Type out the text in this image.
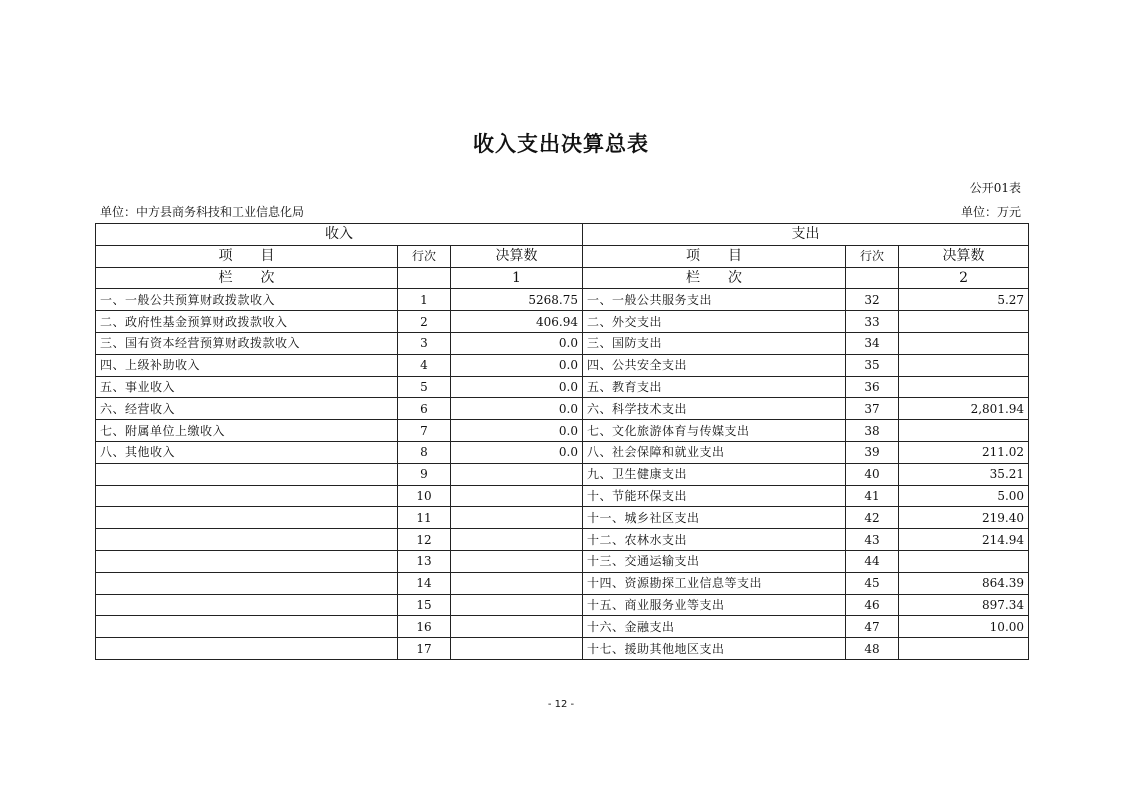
收入支出决算总表
公开01表
单位：中方县商务科技和工业信息化局	单位：万元
收入			支出		
项　　目	行次	决算数	项　　目	行次	决算数
栏　　次		1	栏　　次		2
一、一般公共预算财政拨款收入	1	5268.75	一、一般公共服务支出	32	5.27
二、政府性基金预算财政拨款收入	2	406.94	二、外交支出	33	
三、国有资本经营预算财政拨款收入	3	0.0	三、国防支出	34	
四、上级补助收入	4	0.0	四、公共安全支出	35	
五、事业收入	5	0.0	五、教育支出	36	
六、经营收入	6	0.0	六、科学技术支出	37	2,801.94
七、附属单位上缴收入	7	0.0	七、文化旅游体育与传媒支出	38	
八、其他收入	8	0.0	八、社会保障和就业支出	39	211.02
	9		九、卫生健康支出	40	35.21
	10		十、节能环保支出	41	5.00
	11		十一、城乡社区支出	42	219.40
	12		十二、农林水支出	43	214.94
	13		十三、交通运输支出	44	
	14		十四、资源勘探工业信息等支出	45	864.39
	15		十五、商业服务业等支出	46	897.34
	16		十六、金融支出	47	10.00
	17		十七、援助其他地区支出	48	
- 12 -
